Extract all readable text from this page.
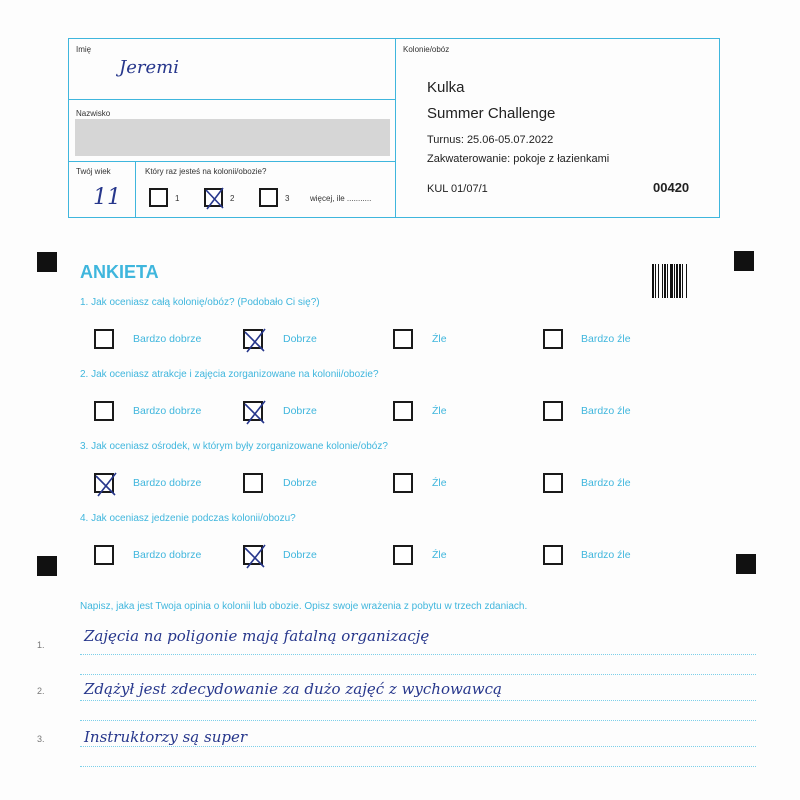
Imię
Jeremi
Nazwisko
Twój wiek
11
Który raz jesteś na kolonii/obozie?
1	2	3	więcej, ile ...........
Kolonie/obóz
Kulka
Summer Challenge
Turnus: 25.06-05.07.2022
Zakwaterowanie: pokoje z łazienkami
KUL 01/07/1	00420
ANKIETA
1. Jak oceniasz całą kolonię/obóz? (Podobało Ci się?)
Bardzo dobrze	Dobrze	Źle	Bardzo źle
2. Jak oceniasz atrakcje i zajęcia zorganizowane na kolonii/obozie?
Bardzo dobrze	Dobrze	Źle	Bardzo źle
3. Jak oceniasz ośrodek, w którym były zorganizowane kolonie/obóz?
Bardzo dobrze	Dobrze	Źle	Bardzo źle
4. Jak oceniasz jedzenie podczas kolonii/obozu?
Bardzo dobrze	Dobrze	Źle	Bardzo źle
Napisz, jaka jest Twoja opinia o kolonii lub obozie. Opisz swoje wrażenia z pobytu w trzech zdaniach.
1.	Zajęcia na poligonie mają fatalną organizację
2.	Zdążył jest zdecydowanie za dużo zajęć z wychowawcą
3.	Instruktorzy są super
